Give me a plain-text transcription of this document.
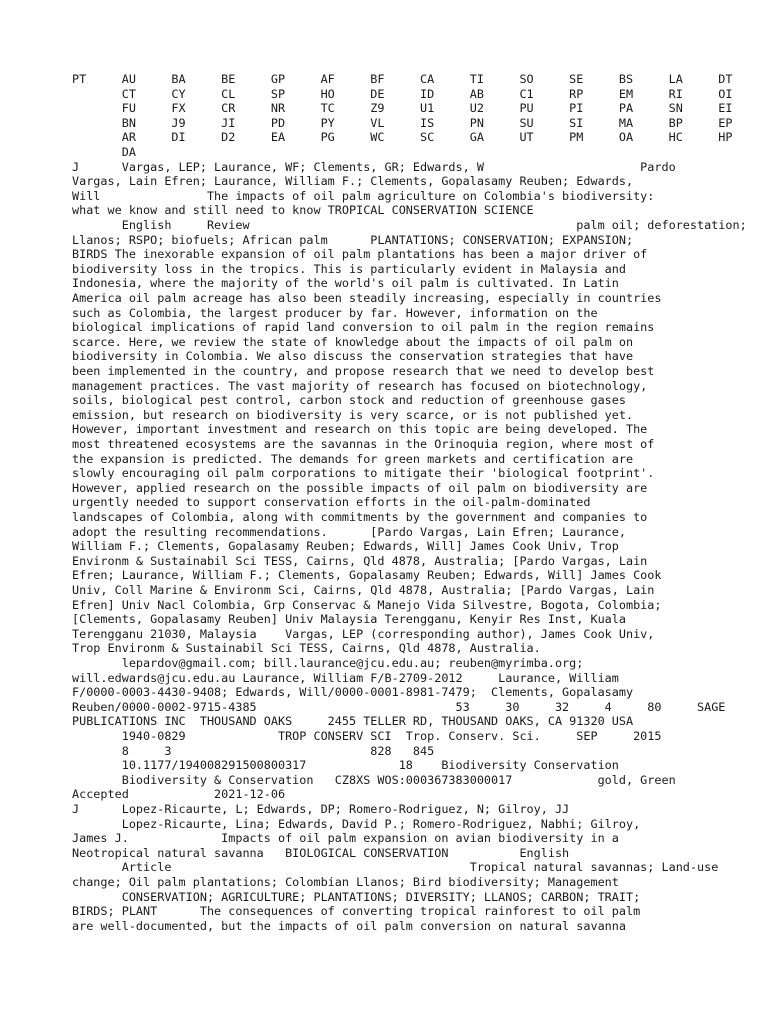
PT     AU     BA     BE     GP     AF     BF     CA     TI     SO     SE     BS     LA     DT
CT     CY     CL     SP     HO     DE     ID     AB     C1     RP     EM     RI     OI
FU     FX     CR     NR     TC     Z9     U1     U2     PU     PI     PA     SN     EI
BN     J9     JI     PD     PY     VL     IS     PN     SU     SI     MA     BP     EP
AR     DI     D2     EA     PG     WC     SC     GA     UT     PM     OA     HC     HP
DA
J      Vargas, LEP; Laurance, WF; Clements, GR; Edwards, W                      Pardo
Vargas, Lain Efren; Laurance, William F.; Clements, Gopalasamy Reuben; Edwards,
Will               The impacts of oil palm agriculture on Colombia's biodiversity:
what we know and still need to know TROPICAL CONSERVATION SCIENCE
English     Review                                              palm oil; deforestation;
Llanos; RSPO; biofuels; African palm      PLANTATIONS; CONSERVATION; EXPANSION;
BIRDS The inexorable expansion of oil palm plantations has been a major driver of
biodiversity loss in the tropics. This is particularly evident in Malaysia and
Indonesia, where the majority of the world's oil palm is cultivated. In Latin
America oil palm acreage has also been steadily increasing, especially in countries
such as Colombia, the largest producer by far. However, information on the
biological implications of rapid land conversion to oil palm in the region remains
scarce. Here, we review the state of knowledge about the impacts of oil palm on
biodiversity in Colombia. We also discuss the conservation strategies that have
been implemented in the country, and propose research that we need to develop best
management practices. The vast majority of research has focused on biotechnology,
soils, biological pest control, carbon stock and reduction of greenhouse gases
emission, but research on biodiversity is very scarce, or is not published yet.
However, important investment and research on this topic are being developed. The
most threatened ecosystems are the savannas in the Orinoquia region, where most of
the expansion is predicted. The demands for green markets and certification are
slowly encouraging oil palm corporations to mitigate their 'biological footprint'.
However, applied research on the possible impacts of oil palm on biodiversity are
urgently needed to support conservation efforts in the oil-palm-dominated
landscapes of Colombia, along with commitments by the government and companies to
adopt the resulting recommendations.      [Pardo Vargas, Lain Efren; Laurance,
William F.; Clements, Gopalasamy Reuben; Edwards, Will] James Cook Univ, Trop
Environm & Sustainabil Sci TESS, Cairns, Qld 4878, Australia; [Pardo Vargas, Lain
Efren; Laurance, William F.; Clements, Gopalasamy Reuben; Edwards, Will] James Cook
Univ, Coll Marine & Environm Sci, Cairns, Qld 4878, Australia; [Pardo Vargas, Lain
Efren] Univ Nacl Colombia, Grp Conservac & Manejo Vida Silvestre, Bogota, Colombia;
[Clements, Gopalasamy Reuben] Univ Malaysia Terengganu, Kenyir Res Inst, Kuala
Terengganu 21030, Malaysia    Vargas, LEP (corresponding author), James Cook Univ,
Trop Environm & Sustainabil Sci TESS, Cairns, Qld 4878, Australia.
lepardov@gmail.com; bill.laurance@jcu.edu.au; reuben@myrimba.org;
will.edwards@jcu.edu.au Laurance, William F/B-2709-2012     Laurance, William
F/0000-0003-4430-9408; Edwards, Will/0000-0001-8981-7479;  Clements, Gopalasamy
Reuben/0000-0002-9715-4385                            53     30     32     4     80     SAGE
PUBLICATIONS INC  THOUSAND OAKS     2455 TELLER RD, THOUSAND OAKS, CA 91320 USA
1940-0829             TROP CONSERV SCI  Trop. Conserv. Sci.     SEP     2015
8     3                            828   845
10.1177/194008291500800317             18    Biodiversity Conservation
Biodiversity & Conservation   CZ8XS WOS:000367383000017            gold, Green
Accepted            2021-12-06
J      Lopez-Ricaurte, L; Edwards, DP; Romero-Rodriguez, N; Gilroy, JJ
Lopez-Ricaurte, Lina; Edwards, David P.; Romero-Rodriguez, Nabhi; Gilroy,
James J.             Impacts of oil palm expansion on avian biodiversity in a
Neotropical natural savanna   BIOLOGICAL CONSERVATION          English
Article                                          Tropical natural savannas; Land-use
change; Oil palm plantations; Colombian Llanos; Bird biodiversity; Management
CONSERVATION; AGRICULTURE; PLANTATIONS; DIVERSITY; LLANOS; CARBON; TRAIT;
BIRDS; PLANT      The consequences of converting tropical rainforest to oil palm
are well-documented, but the impacts of oil palm conversion on natural savanna
